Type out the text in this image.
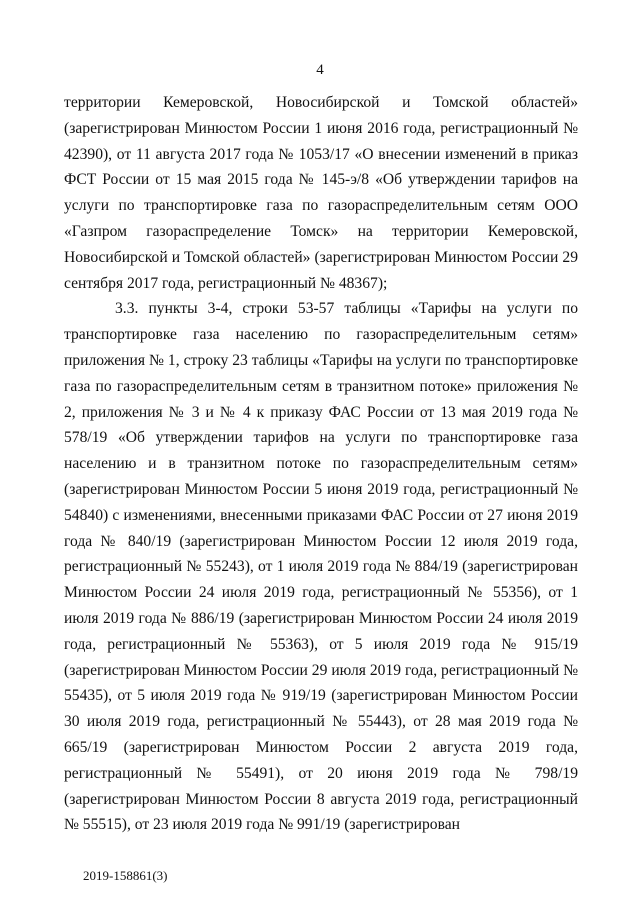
4

территории Кемеровской, Новосибирской и Томской областей» (зарегистрирован Минюстом России 1 июня 2016 года, регистрационный № 42390), от 11 августа 2017 года № 1053/17 «О внесении изменений в приказ ФСТ России от 15 мая 2015 года № 145-э/8 «Об утверждении тарифов на услуги по транспортировке газа по газораспределительным сетям ООО «Газпром газораспределение Томск» на территории Кемеровской, Новосибирской и Томской областей» (зарегистрирован Минюстом России 29 сентября 2017 года, регистрационный № 48367);

3.3. пункты 3-4, строки 53-57 таблицы «Тарифы на услуги по транспортировке газа населению по газораспределительным сетям» приложения № 1, строку 23 таблицы «Тарифы на услуги по транспортировке газа по газораспределительным сетям в транзитном потоке» приложения № 2, приложения № 3 и № 4 к приказу ФАС России от 13 мая 2019 года № 578/19 «Об утверждении тарифов на услуги по транспортировке газа населению и в транзитном потоке по газораспределительным сетям» (зарегистрирован Минюстом России 5 июня 2019 года, регистрационный № 54840) с изменениями, внесенными приказами ФАС России от 27 июня 2019 года № 840/19 (зарегистрирован Минюстом России 12 июля 2019 года, регистрационный № 55243), от 1 июля 2019 года № 884/19 (зарегистрирован Минюстом России 24 июля 2019 года, регистрационный № 55356), от 1 июля 2019 года № 886/19 (зарегистрирован Минюстом России 24 июля 2019 года, регистрационный № 55363), от 5 июля 2019 года № 915/19 (зарегистрирован Минюстом России 29 июля 2019 года, регистрационный № 55435), от 5 июля 2019 года № 919/19 (зарегистрирован Минюстом России 30 июля 2019 года, регистрационный № 55443), от 28 мая 2019 года № 665/19 (зарегистрирован Минюстом России 2 августа 2019 года, регистрационный № 55491), от 20 июня 2019 года № 798/19 (зарегистрирован Минюстом России 8 августа 2019 года, регистрационный № 55515), от 23 июля 2019 года № 991/19 (зарегистрирован

2019-158861(3)
